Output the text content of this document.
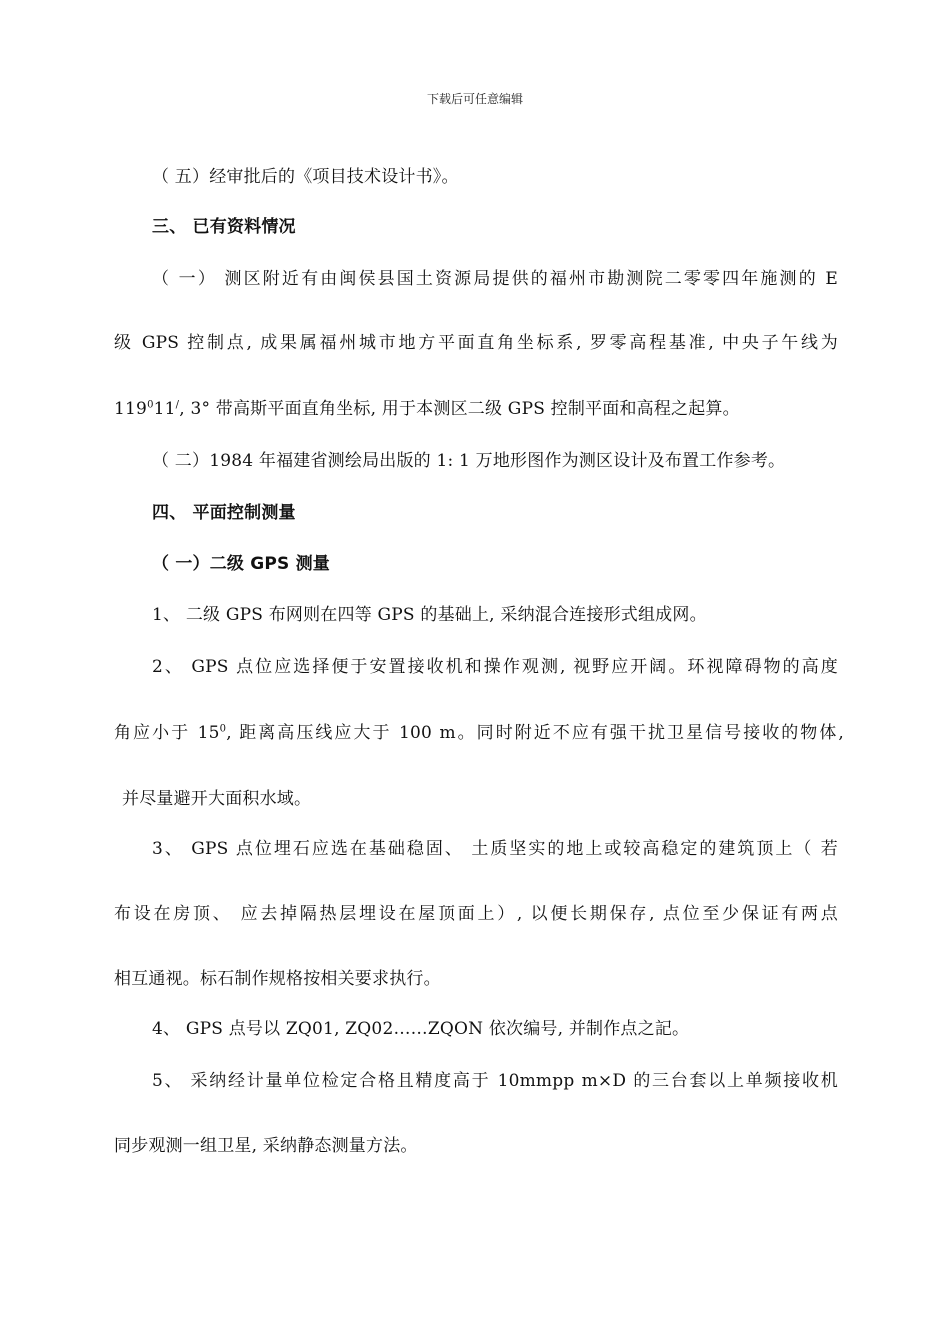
下载后可任意编辑
（ 五）经审批后的《项目技术设计书》。
三、 已有资料情况
（ 一） 测区附近有由闽侯县国土资源局提供的福州市勘测院二零零四年施测的 E
级 GPS 控制点, 成果属福州城市地方平面直角坐标系, 罗零高程基准, 中央子午线为
$119^011^/$, 3° 带高斯平面直角坐标, 用于本测区二级 GPS 控制平面和高程之起算。
（ 二）1984 年福建省测绘局出版的 1: 1 万地形图作为测区设计及布置工作参考。
四、 平面控制测量
（ 一）二级 GPS 测量
1、 二级 GPS 布网则在四等 GPS 的基础上, 采纳混合连接形式组成网。
2、 GPS 点位应选择便于安置接收机和操作观测, 视野应开阔。环视障碍物的高度
角应小于 $15^0$, 距离高压线应大于 100 m。同时附近不应有强干扰卫星信号接收的物体,
并尽量避开大面积水域。
3、 GPS 点位埋石应选在基础稳固、 土质坚实的地上或较高稳定的建筑顶上（ 若
布设在房顶、 应去掉隔热层埋设在屋顶面上）, 以便长期保存, 点位至少保证有两点
相互通视。标石制作规格按相关要求执行。
4、 GPS 点号以 ZQ01, ZQ02……ZQON 依次编号, 并制作点之記。
5、 采纳经计量单位检定合格且精度高于 10mmpp m×D 的三台套以上单频接收机
同步观测一组卫星, 采纳静态测量方法。
